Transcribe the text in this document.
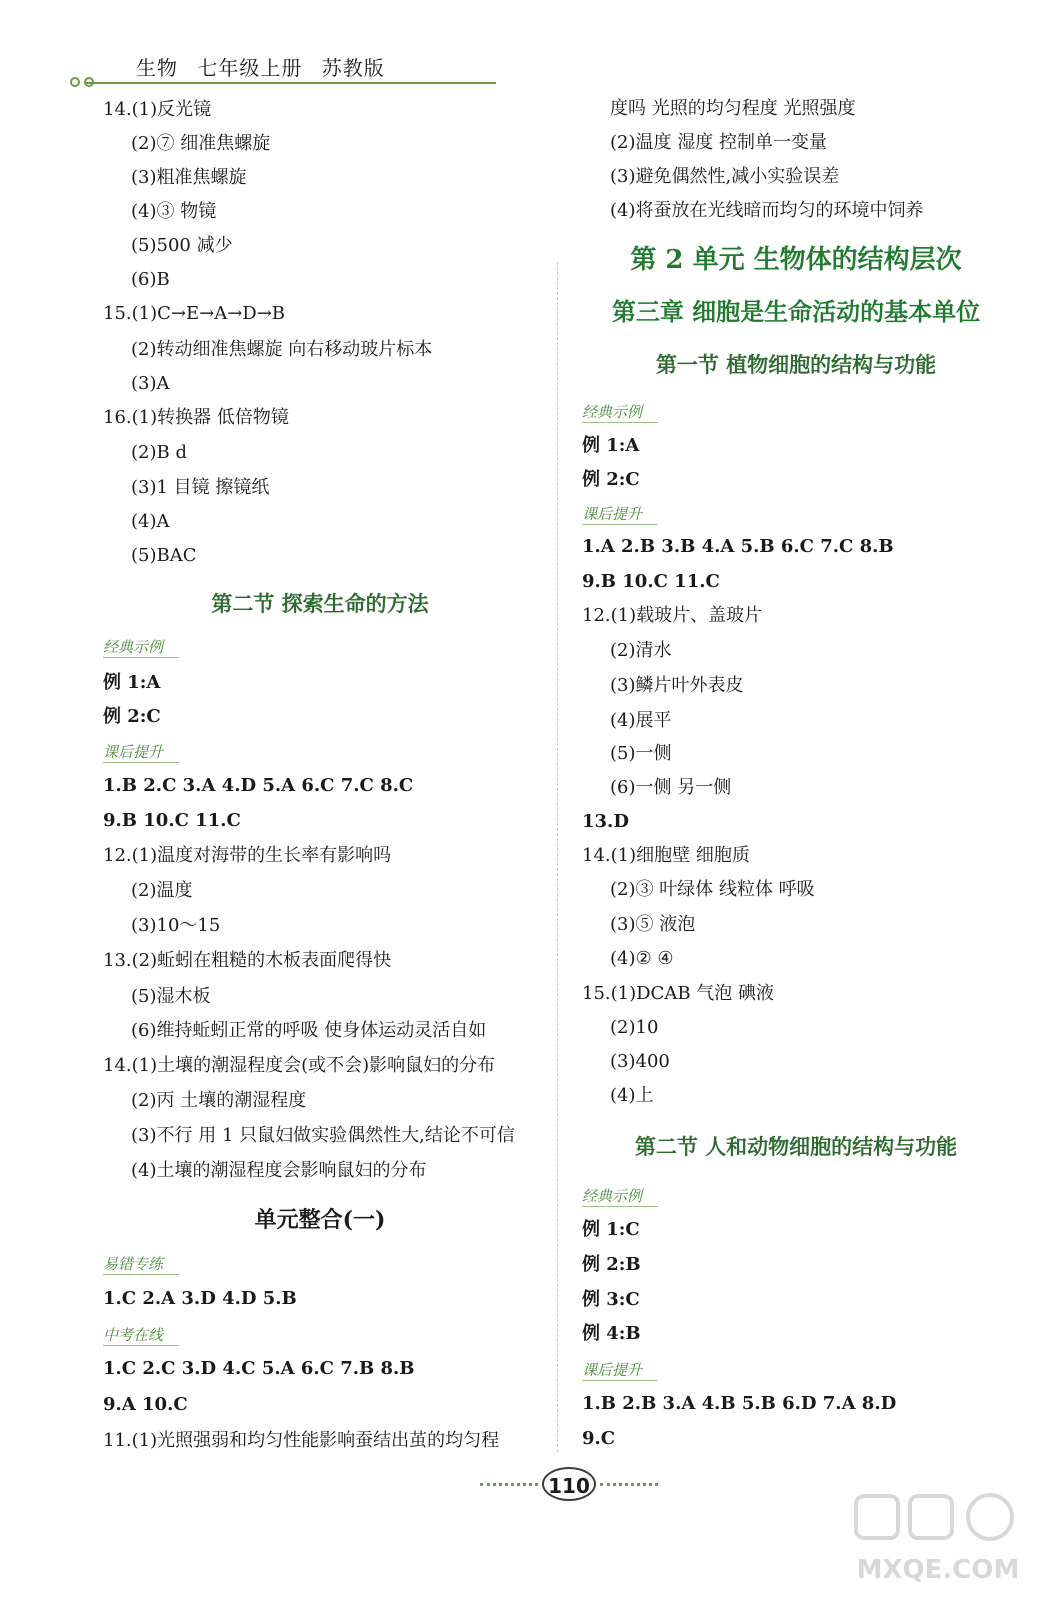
生物 七年级上册 苏教版
14.(1)反光镜
(2)⑦ 细准焦螺旋
(3)粗准焦螺旋
(4)③ 物镜
(5)500 减少
(6)B
15.(1)C→E→A→D→B
(2)转动细准焦螺旋 向右移动玻片标本
(3)A
16.(1)转换器 低倍物镜
(2)B d
(3)1 目镜 擦镜纸
(4)A
(5)BAC
第二节 探索生命的方法
经典示例
例 1:A
例 2:C
课后提升
1.B 2.C 3.A 4.D 5.A 6.C 7.C 8.C
9.B 10.C 11.C
12.(1)温度对海带的生长率有影响吗
(2)温度
(3)10～15
13.(2)蚯蚓在粗糙的木板表面爬得快
(5)湿木板
(6)维持蚯蚓正常的呼吸 使身体运动灵活自如
14.(1)土壤的潮湿程度会(或不会)影响鼠妇的分布
(2)丙 土壤的潮湿程度
(3)不行 用 1 只鼠妇做实验偶然性大,结论不可信
(4)土壤的潮湿程度会影响鼠妇的分布
单元整合(一)
易错专练
1.C 2.A 3.D 4.D 5.B
中考在线
1.C 2.C 3.D 4.C 5.A 6.C 7.B 8.B
9.A 10.C
11.(1)光照强弱和均匀性能影响蚕结出茧的均匀程
度吗 光照的均匀程度 光照强度
(2)温度 湿度 控制单一变量
(3)避免偶然性,减小实验误差
(4)将蚕放在光线暗而均匀的环境中饲养
第 2 单元 生物体的结构层次
第三章 细胞是生命活动的基本单位
第一节 植物细胞的结构与功能
经典示例
例 1:A
例 2:C
课后提升
1.A 2.B 3.B 4.A 5.B 6.C 7.C 8.B
9.B 10.C 11.C
12.(1)载玻片、盖玻片
(2)清水
(3)鳞片叶外表皮
(4)展平
(5)一侧
(6)一侧 另一侧
13.D
14.(1)细胞壁 细胞质
(2)③ 叶绿体 线粒体 呼吸
(3)⑤ 液泡
(4)② ④
15.(1)DCAB 气泡 碘液
(2)10
(3)400
(4)上
第二节 人和动物细胞的结构与功能
经典示例
例 1:C
例 2:B
例 3:C
例 4:B
课后提升
1.B 2.B 3.A 4.B 5.B 6.D 7.A 8.D
9.C
110
MXQE.COM
